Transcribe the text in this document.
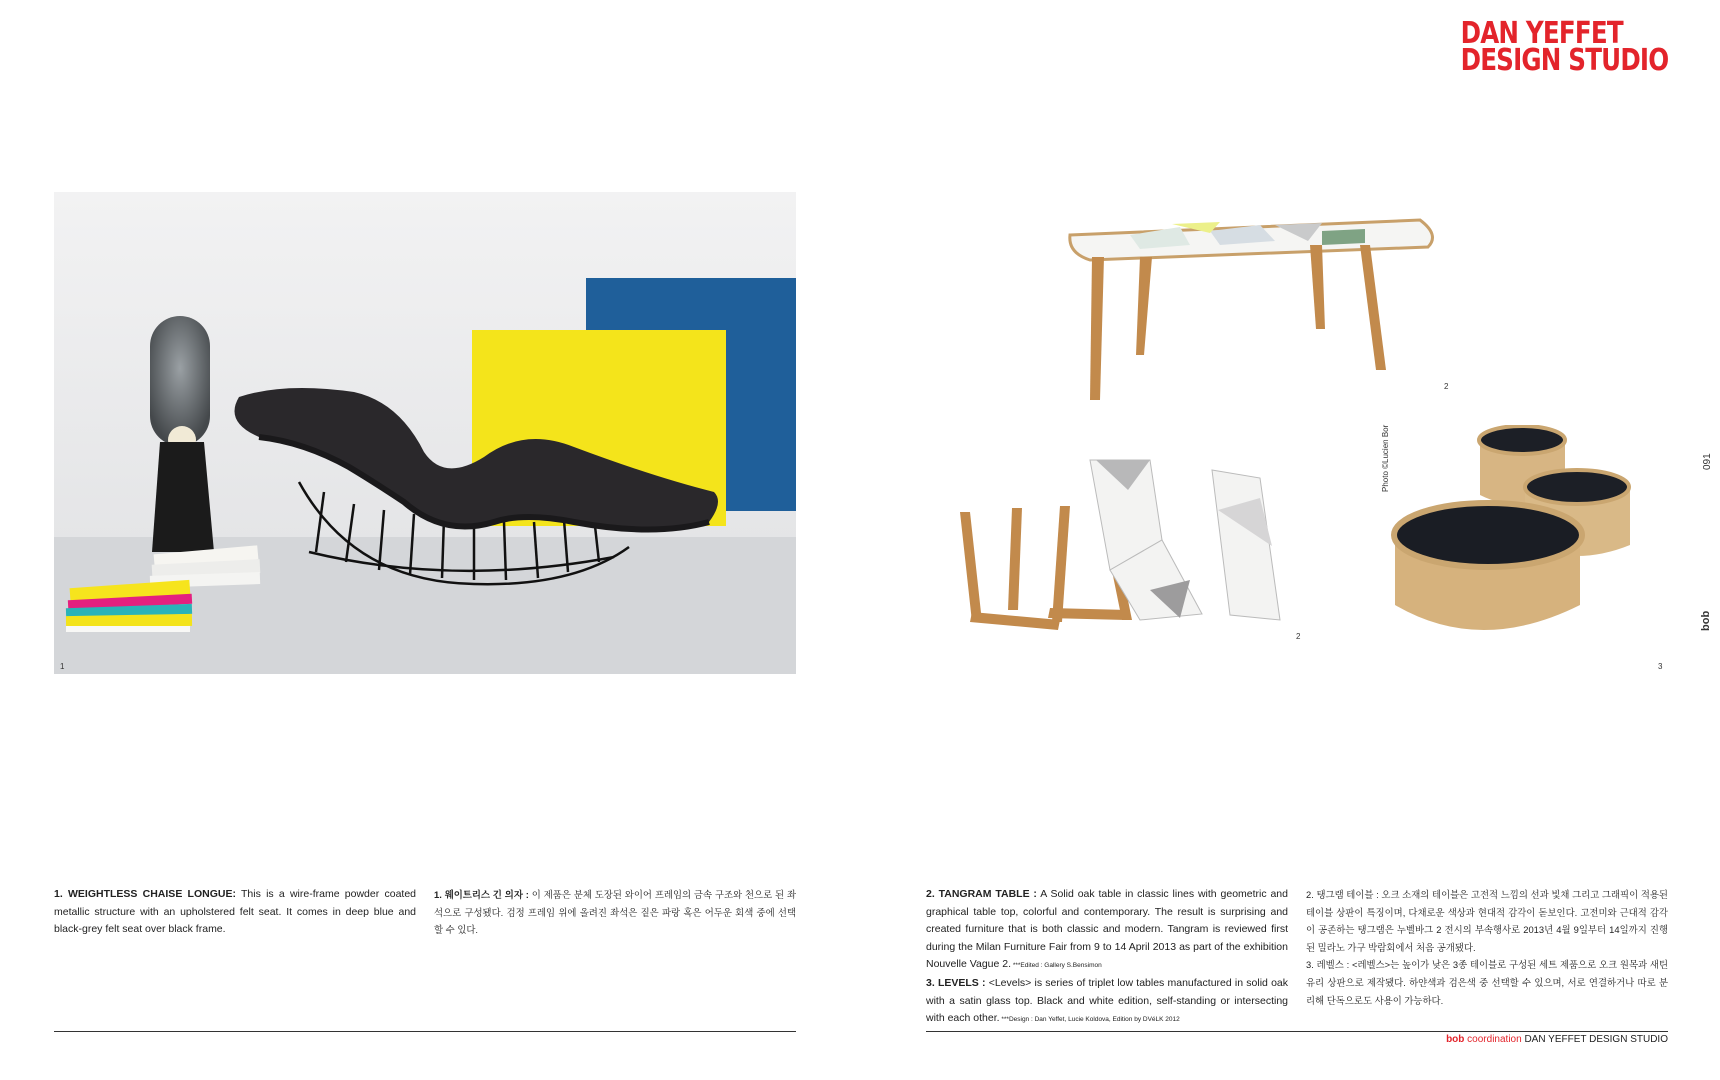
DAN YEFFET
DESIGN STUDIO
1
2
2
3
Photo ©Lucien Bor	091
bob
1. WEIGHTLESS CHAISE LONGUE: This is a wire-frame powder coated metallic structure with an upholstered felt seat. It comes in deep blue and black-grey felt seat over black frame.
1. 웨이트리스 긴 의자 : 이 제품은 분체 도장된 와이어 프레임의 금속 구조와 천으로 된 좌석으로 구성됐다. 검정 프레임 위에 올려진 좌석은 짙은 파랑 혹은 어두운 회색 중에 선택할 수 있다.
2. TANGRAM TABLE : A Solid oak table in classic lines with geometric and graphical table top, colorful and contemporary. The result is surprising and created furniture that is both classic and modern. Tangram is reviewed first during the Milan Furniture Fair from 9 to 14 April 2013 as part of the exhibition Nouvelle Vague 2. ***Edited : Gallery S.Bensimon
3. LEVELS : <Levels> is series of triplet low tables manufactured in solid oak with a satin glass top. Black and white edition, self-standing or intersecting with each other. ***Design : Dan Yeffet, Lucie Koldova, Edition by DVéLK 2012
2. 탱그램 테이블 : 오크 소재의 테이블은 고전적 느낌의 선과 빛채 그리고 그래픽이 적용된 테이블 상판이 특징이며, 다채로운 색상과 현대적 감각이 돋보인다. 고전미와 근대적 감각이 공존하는 탱그램은 누벨바그 2 전시의 부속행사로 2013년 4월 9일부터 14일까지 진행된 밀라노 가구 박람회에서 처음 공개됐다.
3. 레벨스 : <레벨스>는 높이가 낮은 3종 테이블로 구성된 세트 제품으로 오크 원목과 새틴 유리 상판으로 제작됐다. 하얀색과 검은색 중 선택할 수 있으며, 서로 연결하거나 따로 분리해 단독으로도 사용이 가능하다.
bob coordination DAN YEFFET DESIGN STUDIO
